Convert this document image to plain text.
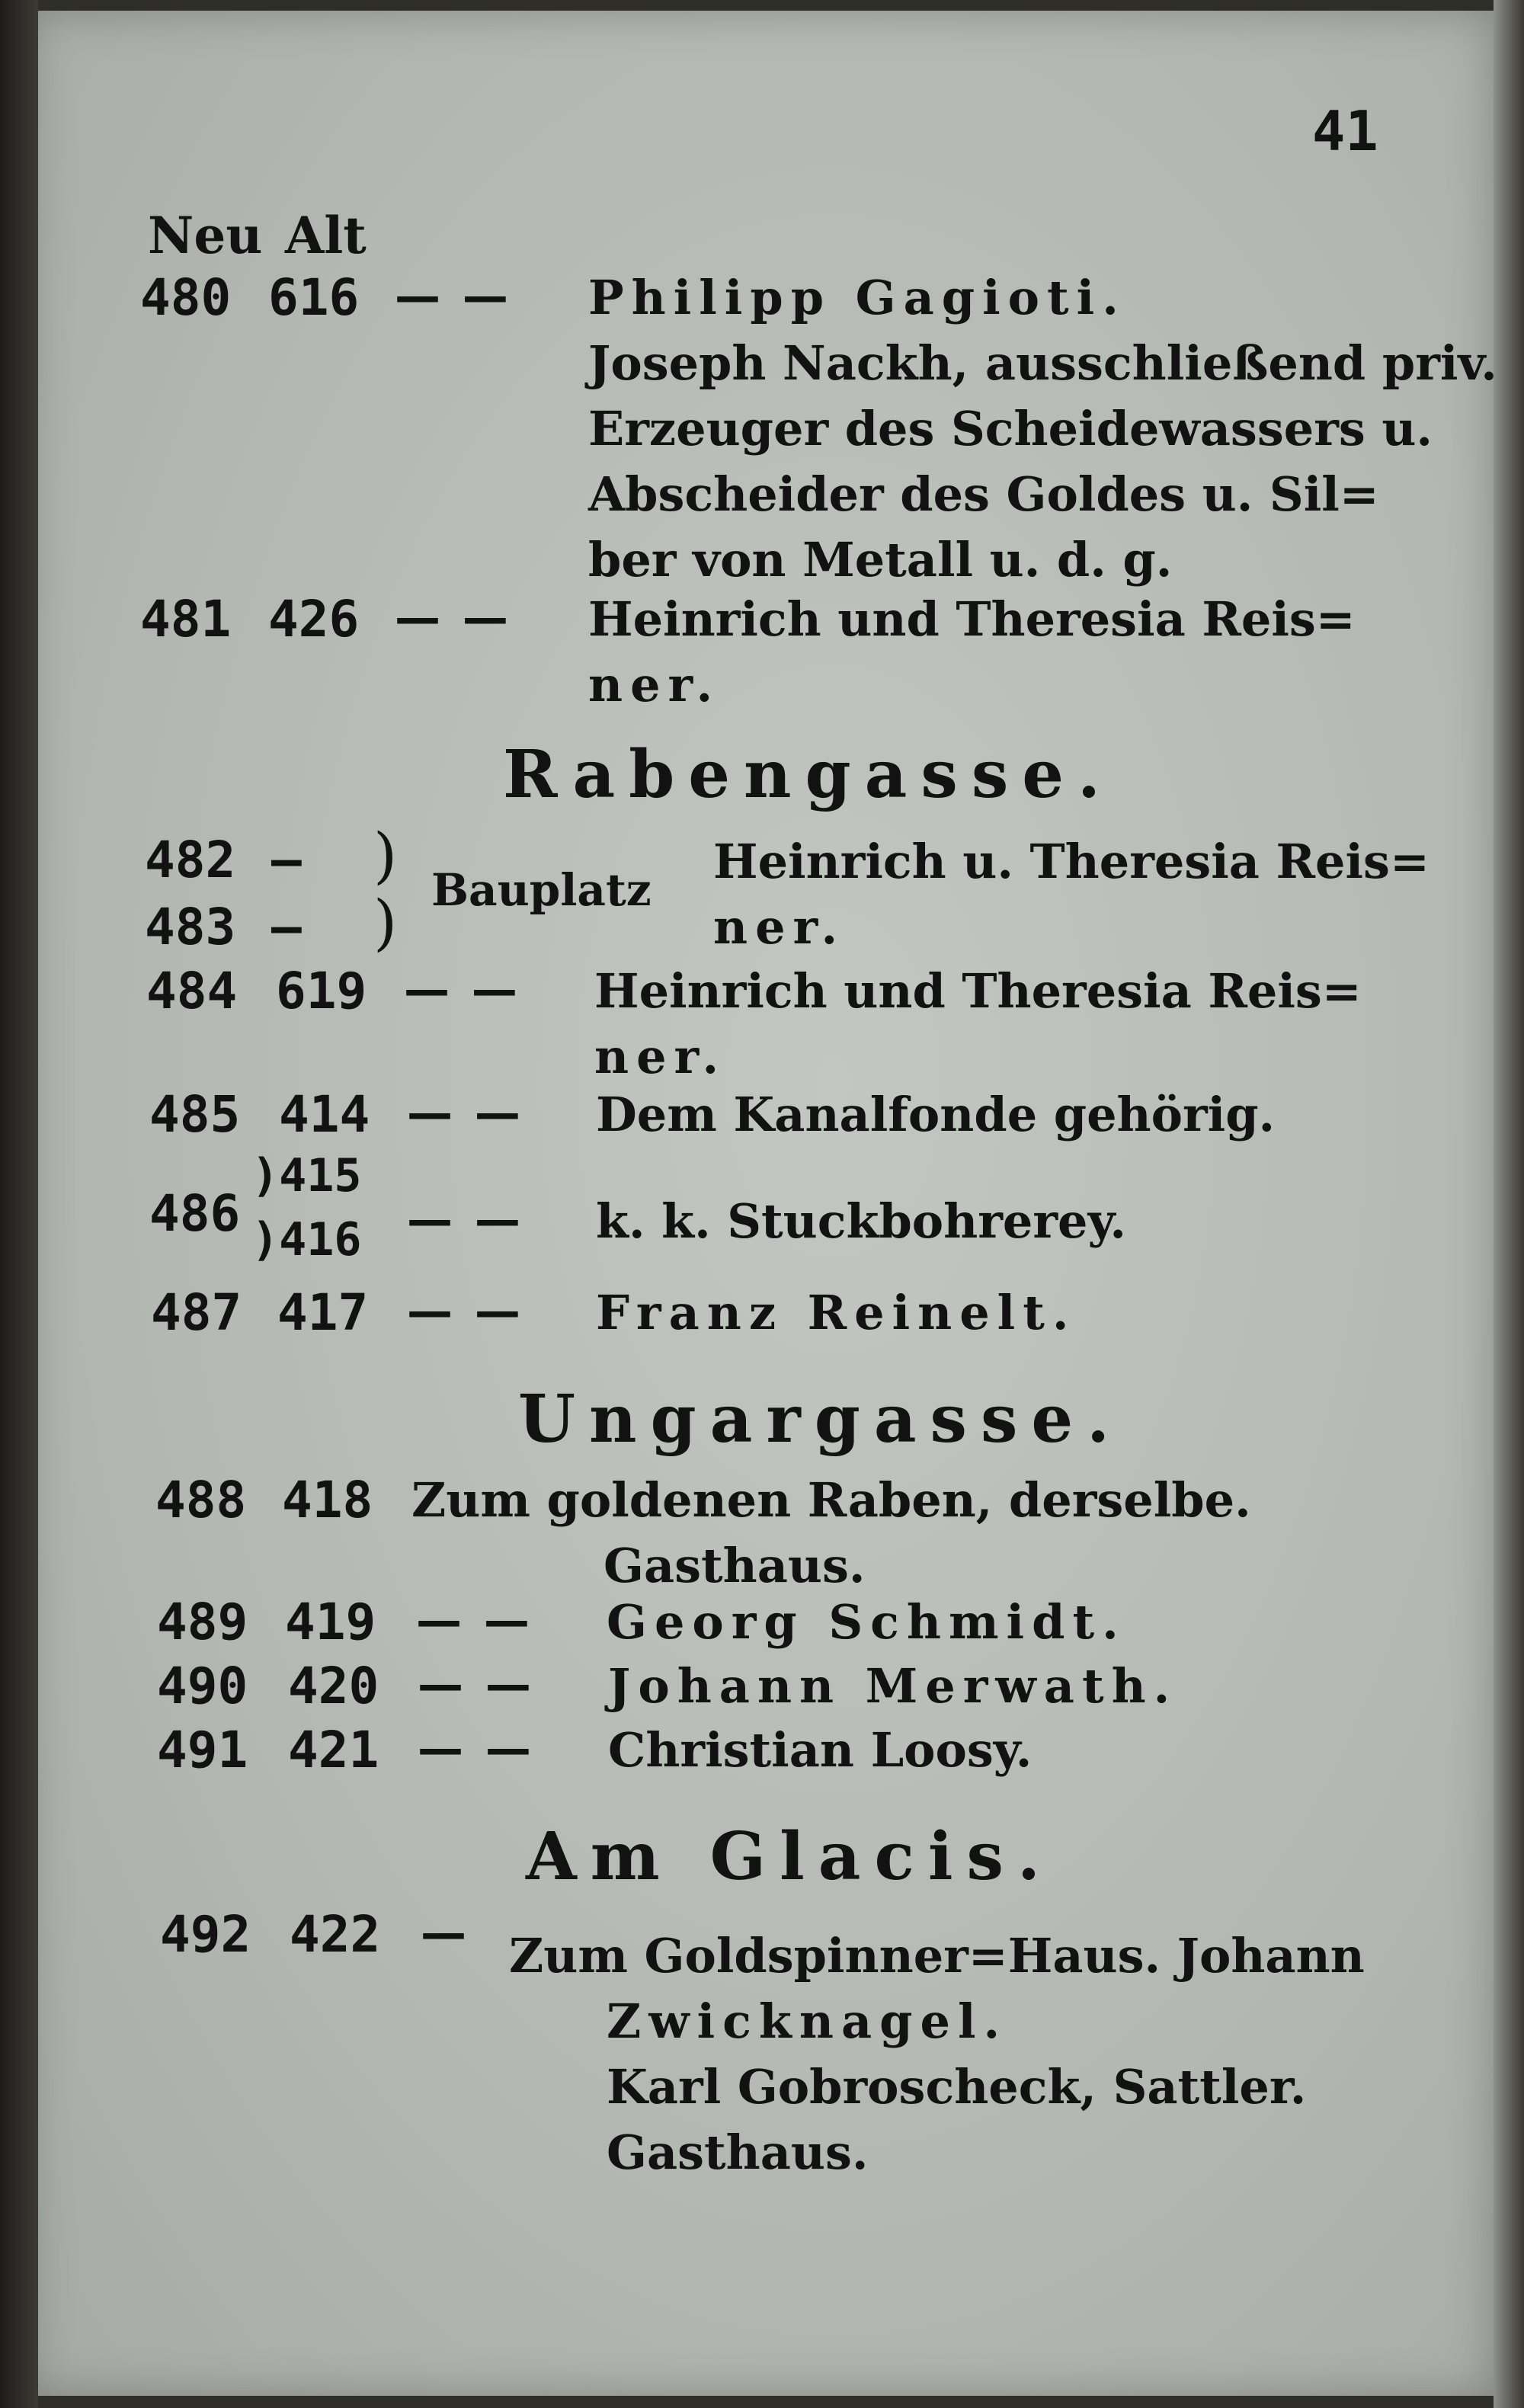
41
Neu Alt
480 616 — — Philipp Gagioti.
Joseph Nackh, ausschließend priv.
Erzeuger des Scheidewassers u.
Abscheider des Goldes u. Sil=
ber von Metall u. d. g.
481 426 — — Heinrich und Theresia Reis=
ner.
Rabengasse.
482 — )
483 — ) Bauplatz
Heinrich u. Theresia Reis=
ner.
484 619 — — Heinrich und Theresia Reis=
ner.
485 414 — — Dem Kanalfonde gehörig.
486
)415
)416 — — k. k. Stuckbohrerey.
487 417 — — Franz Reinelt.
Ungargasse.
488 418 Zum goldenen Raben, derselbe.
Gasthaus.
489 419 — — Georg Schmidt.
490 420 — — Johann Merwath.
491 421 — — Christian Loosy.
Am Glacis.
492 422 — Zum Goldspinner=Haus. Johann
Zwicknagel.
Karl Gobroscheck, Sattler.
Gasthaus.
